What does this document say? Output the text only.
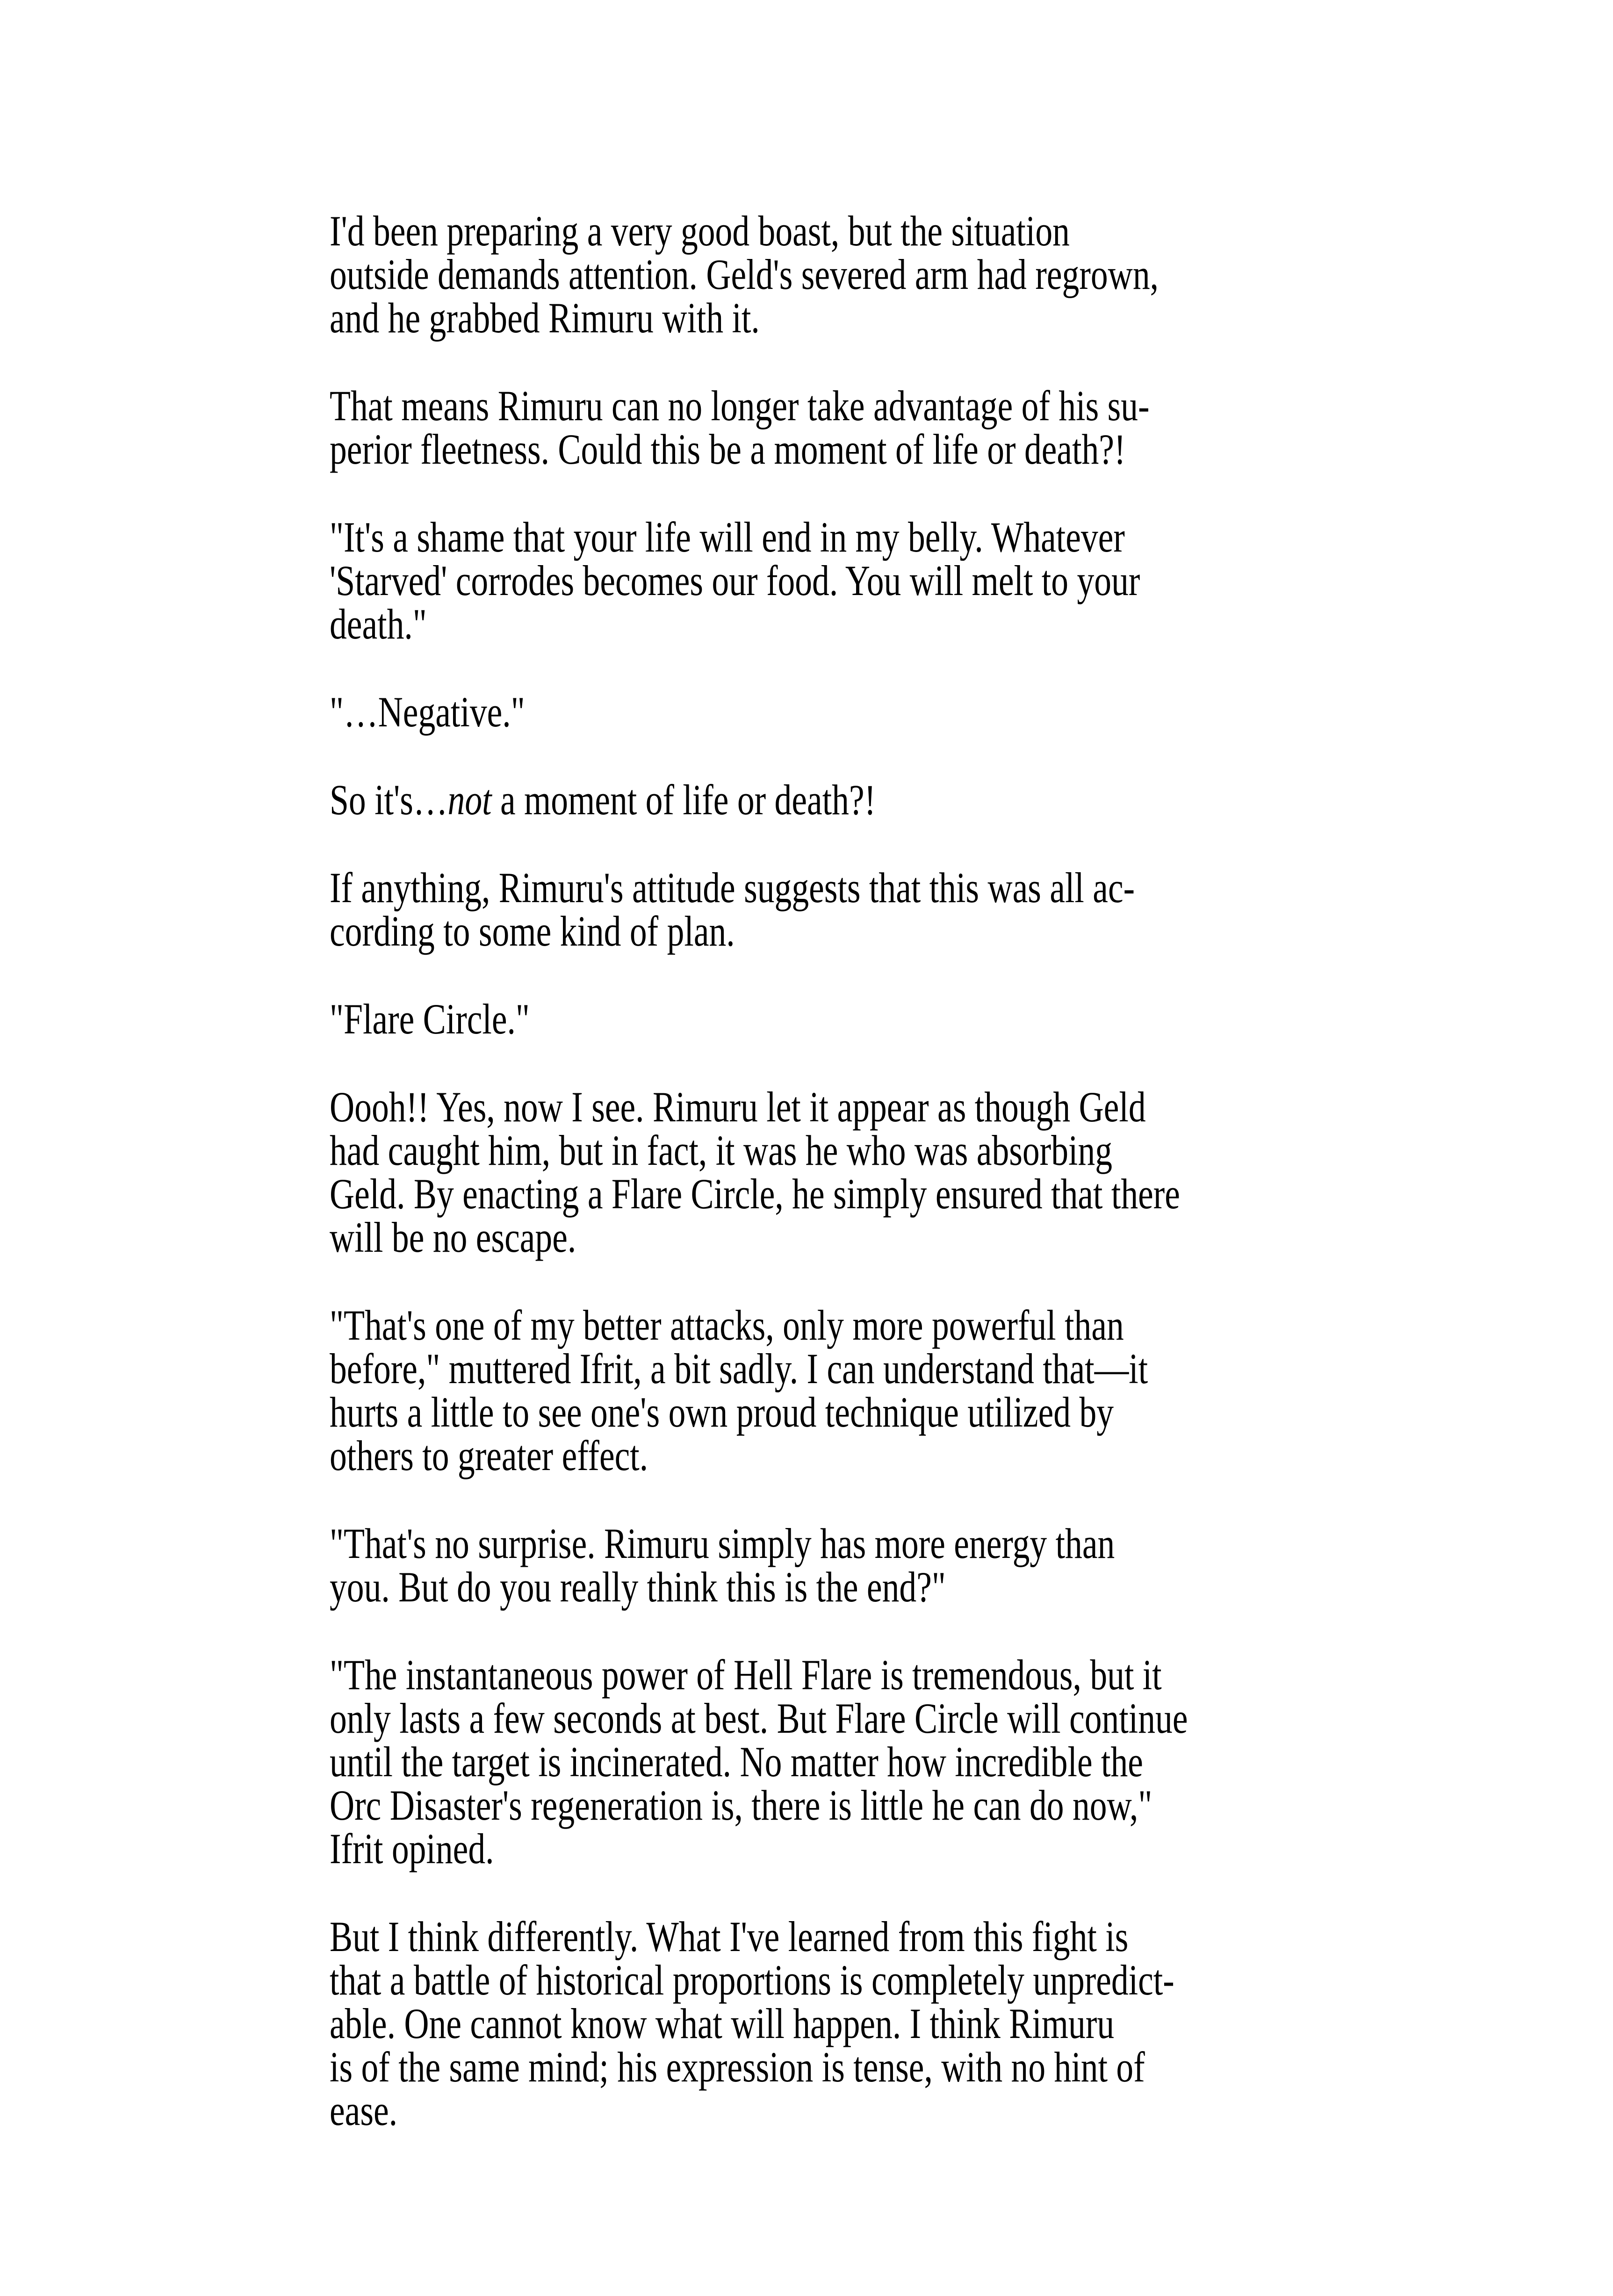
I'd been preparing a very good boast, but the situation
outside demands attention. Geld's severed arm had regrown,
and he grabbed Rimuru with it.
That means Rimuru can no longer take advantage of his su-
perior fleetness. Could this be a moment of life or death?!
"It's a shame that your life will end in my belly. Whatever
'Starved' corrodes becomes our food. You will melt to your
death."
"…Negative."
So it's…not a moment of life or death?!
If anything, Rimuru's attitude suggests that this was all ac-
cording to some kind of plan.
"Flare Circle."
Oooh!! Yes, now I see. Rimuru let it appear as though Geld
had caught him, but in fact, it was he who was absorbing
Geld. By enacting a Flare Circle, he simply ensured that there
will be no escape.
"That's one of my better attacks, only more powerful than
before," muttered Ifrit, a bit sadly. I can understand that—it
hurts a little to see one's own proud technique utilized by
others to greater effect.
"That's no surprise. Rimuru simply has more energy than
you. But do you really think this is the end?"
"The instantaneous power of Hell Flare is tremendous, but it
only lasts a few seconds at best. But Flare Circle will continue
until the target is incinerated. No matter how incredible the
Orc Disaster's regeneration is, there is little he can do now,"
Ifrit opined.
But I think differently. What I've learned from this fight is
that a battle of historical proportions is completely unpredict-
able. One cannot know what will happen. I think Rimuru
is of the same mind; his expression is tense, with no hint of
ease.
